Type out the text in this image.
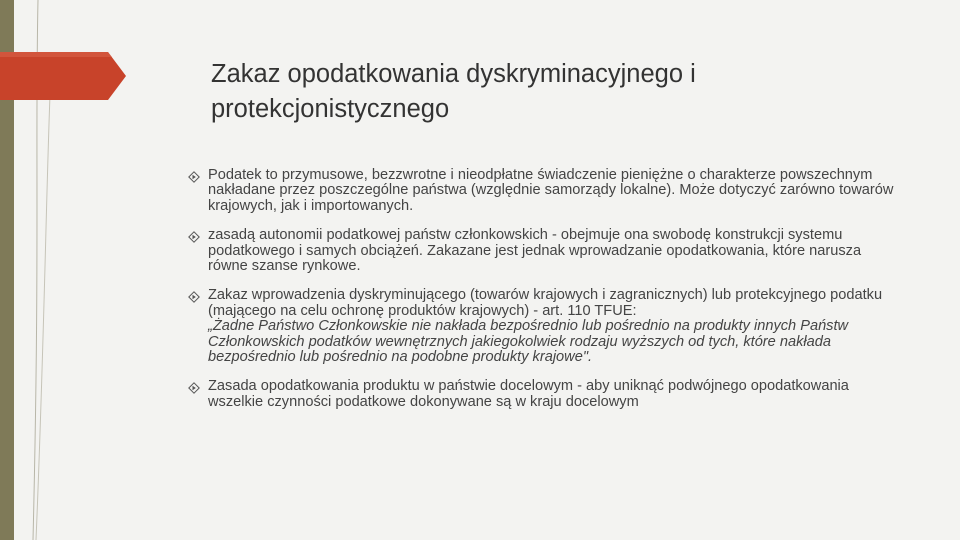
Zakaz opodatkowania dyskryminacyjnego i protekcjonistycznego
Podatek to przymusowe, bezzwrotne i nieodpłatne świadczenie pieniężne o charakterze powszechnym nakładane przez poszczególne państwa (względnie samorządy lokalne). Może dotyczyć zarówno towarów krajowych, jak i importowanych.
zasadą autonomii podatkowej państw członkowskich - obejmuje ona swobodę konstrukcji systemu podatkowego i samych obciążeń. Zakazane jest jednak wprowadzanie opodatkowania, które narusza równe szanse rynkowe.
Zakaz wprowadzenia dyskryminującego (towarów krajowych i zagranicznych) lub protekcyjnego podatku (mającego na celu ochronę produktów krajowych) - art. 110 TFUE:
„Żadne Państwo Członkowskie nie nakłada bezpośrednio lub pośrednio na produkty innych Państw Członkowskich podatków wewnętrznych jakiegokolwiek rodzaju wyższych od tych, które nakłada bezpośrednio lub pośrednio na podobne produkty krajowe".
Zasada opodatkowania produktu w państwie docelowym - aby uniknąć podwójnego opodatkowania wszelkie czynności podatkowe dokonywane są w kraju docelowym
